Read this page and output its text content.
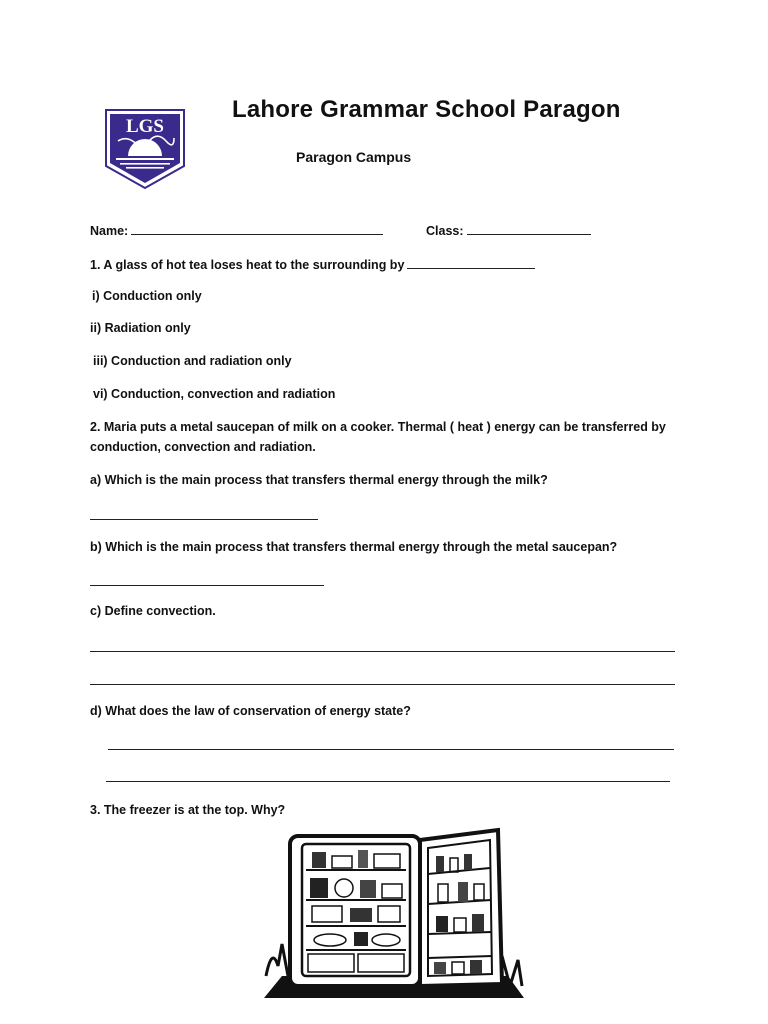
LGS
Lahore Grammar School Paragon
Paragon Campus
Name:	Class:
1. A glass of hot tea loses heat to the surrounding by
i) Conduction only
ii) Radiation only
iii) Conduction and radiation only
vi) Conduction, convection and radiation
2. Maria puts a metal saucepan of milk on a cooker. Thermal ( heat ) energy can be transferred by
conduction, convection and radiation.
a) Which is the main process that transfers thermal energy through the milk?
b) Which is the main process that transfers thermal energy through the metal saucepan?
c) Define convection.
d) What does the law of conservation of energy state?
3. The freezer is at the top. Why?
